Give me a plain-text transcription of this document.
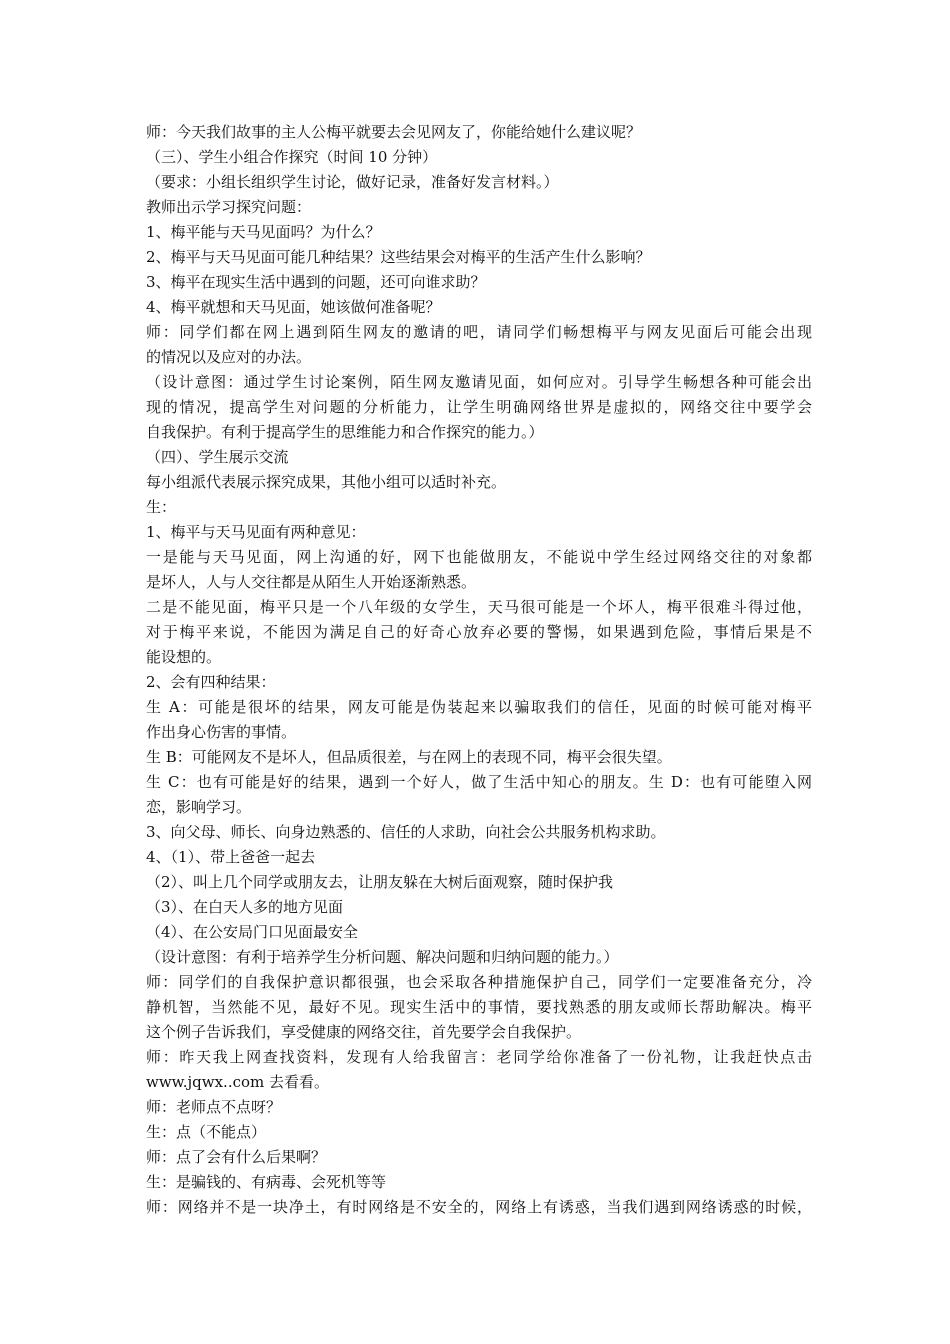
师：今天我们故事的主人公梅平就要去会见网友了，你能给她什么建议呢？
（三）、学生小组合作探究（时间 10 分钟）
（要求：小组长组织学生讨论，做好记录，准备好发言材料。）
教师出示学习探究问题：
1、梅平能与天马见面吗？为什么？
2、梅平与天马见面可能几种结果？这些结果会对梅平的生活产生什么影响？
3、梅平在现实生活中遇到的问题，还可向谁求助？
4、梅平就想和天马见面，她该做何准备呢？
师：同学们都在网上遇到陌生网友的邀请的吧，请同学们畅想梅平与网友见面后可能会出现
的情况以及应对的办法。
（设计意图：通过学生讨论案例，陌生网友邀请见面，如何应对。引导学生畅想各种可能会出
现的情况，提高学生对问题的分析能力，让学生明确网络世界是虚拟的，网络交往中要学会
自我保护。有利于提高学生的思维能力和合作探究的能力。）
（四）、学生展示交流
每小组派代表展示探究成果，其他小组可以适时补充。
生：
1、梅平与天马见面有两种意见：
一是能与天马见面，网上沟通的好，网下也能做朋友，不能说中学生经过网络交往的对象都
是坏人，人与人交往都是从陌生人开始逐渐熟悉。
二是不能见面，梅平只是一个八年级的女学生，天马很可能是一个坏人，梅平很难斗得过他，
对于梅平来说，不能因为满足自己的好奇心放弃必要的警惕，如果遇到危险，事情后果是不
能设想的。
2、会有四种结果：
生 A：可能是很坏的结果，网友可能是伪装起来以骗取我们的信任，见面的时候可能对梅平
作出身心伤害的事情。
生 B：可能网友不是坏人，但品质很差，与在网上的表现不同，梅平会很失望。
生 C：也有可能是好的结果，遇到一个好人，做了生活中知心的朋友。生 D：也有可能堕入网
恋，影响学习。
3、向父母、师长、向身边熟悉的、信任的人求助，向社会公共服务机构求助。
4、（1）、带上爸爸一起去
（2）、叫上几个同学或朋友去，让朋友躲在大树后面观察，随时保护我
（3）、在白天人多的地方见面
（4）、在公安局门口见面最安全
（设计意图：有利于培养学生分析问题、解决问题和归纳问题的能力。）
师：同学们的自我保护意识都很强，也会采取各种措施保护自己，同学们一定要准备充分，冷
静机智，当然能不见，最好不见。现实生活中的事情，要找熟悉的朋友或师长帮助解决。梅平
这个例子告诉我们，享受健康的网络交往，首先要学会自我保护。
师：昨天我上网查找资料，发现有人给我留言：老同学给你准备了一份礼物，让我赶快点击
www.jqwx..com 去看看。
师：老师点不点呀？
生：点（不能点）
师：点了会有什么后果啊？
生：是骗钱的、有病毒、会死机等等
师：网络并不是一块净土，有时网络是不安全的，网络上有诱惑，当我们遇到网络诱惑的时候，
